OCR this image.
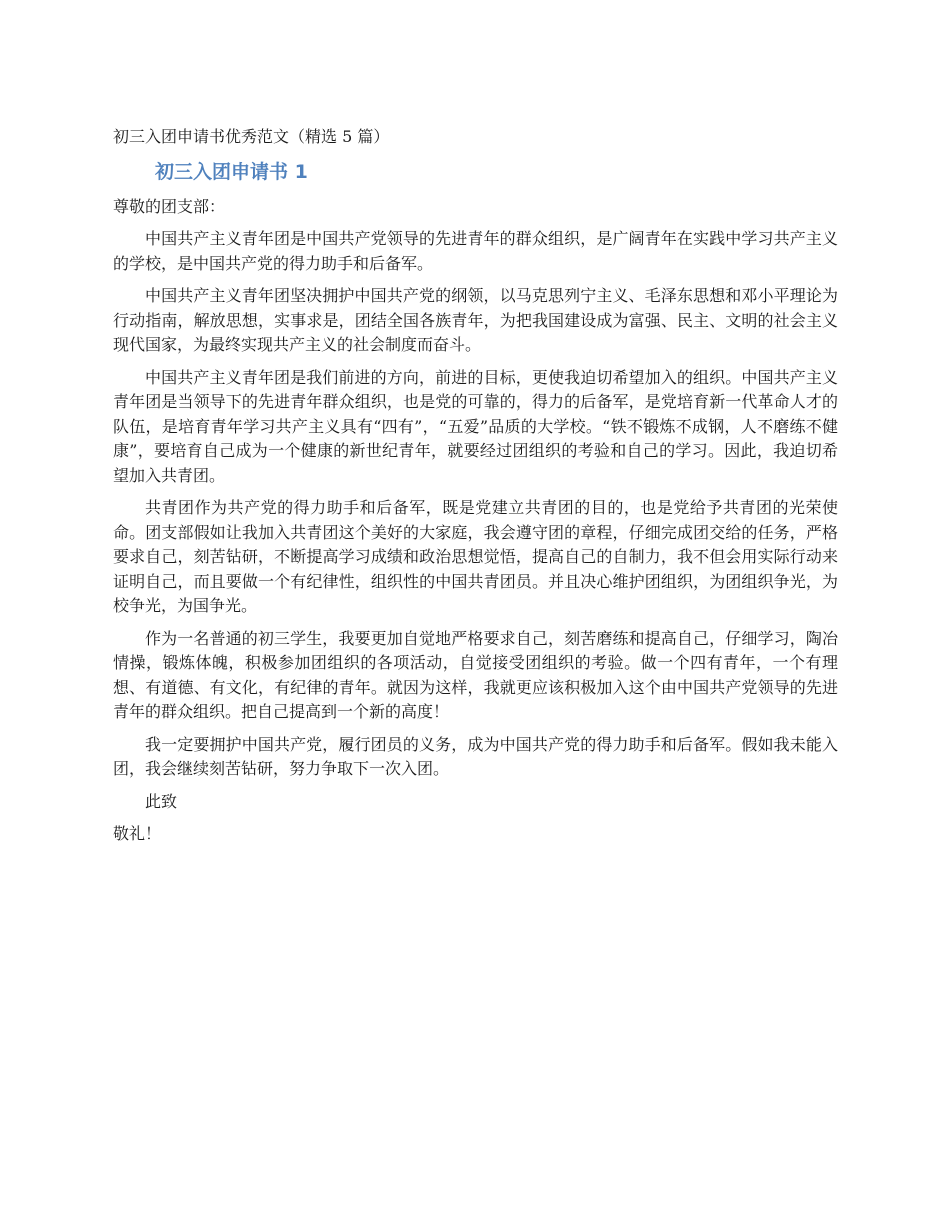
初三入团申请书优秀范文（精选 5 篇）
初三入团申请书 1
尊敬的团支部：

中国共产主义青年团是中国共产党领导的先进青年的群众组织，是广阔青年在实践中学习共产主义的学校，是中国共产党的得力助手和后备军。

中国共产主义青年团坚决拥护中国共产党的纲领，以马克思列宁主义、毛泽东思想和邓小平理论为行动指南，解放思想，实事求是，团结全国各族青年，为把我国建设成为富强、民主、文明的社会主义现代国家，为最终实现共产主义的社会制度而奋斗。

中国共产主义青年团是我们前进的方向，前进的目标，更使我迫切希望加入的组织。中国共产主义青年团是当领导下的先进青年群众组织，也是党的可靠的，得力的后备军，是党培育新一代革命人才的队伍，是培育青年学习共产主义具有“四有”，“五爱”品质的大学校。“铁不锻炼不成钢，人不磨练不健康”，要培育自己成为一个健康的新世纪青年，就要经过团组织的考验和自己的学习。因此，我迫切希望加入共青团。

共青团作为共产党的得力助手和后备军，既是党建立共青团的目的，也是党给予共青团的光荣使命。团支部假如让我加入共青团这个美好的大家庭，我会遵守团的章程，仔细完成团交给的任务，严格要求自己，刻苦钻研，不断提高学习成绩和政治思想觉悟，提高自己的自制力，我不但会用实际行动来证明自己，而且要做一个有纪律性，组织性的中国共青团员。并且决心维护团组织，为团组织争光，为校争光，为国争光。

作为一名普通的初三学生，我要更加自觉地严格要求自己，刻苦磨练和提高自己，仔细学习，陶冶情操，锻炼体魄，积极参加团组织的各项活动，自觉接受团组织的考验。做一个四有青年，一个有理想、有道德、有文化，有纪律的青年。就因为这样，我就更应该积极加入这个由中国共产党领导的先进青年的群众组织。把自己提高到一个新的高度！

我一定要拥护中国共产党，履行团员的义务，成为中国共产党的得力助手和后备军。假如我未能入团，我会继续刻苦钻研，努力争取下一次入团。

此致
敬礼！
